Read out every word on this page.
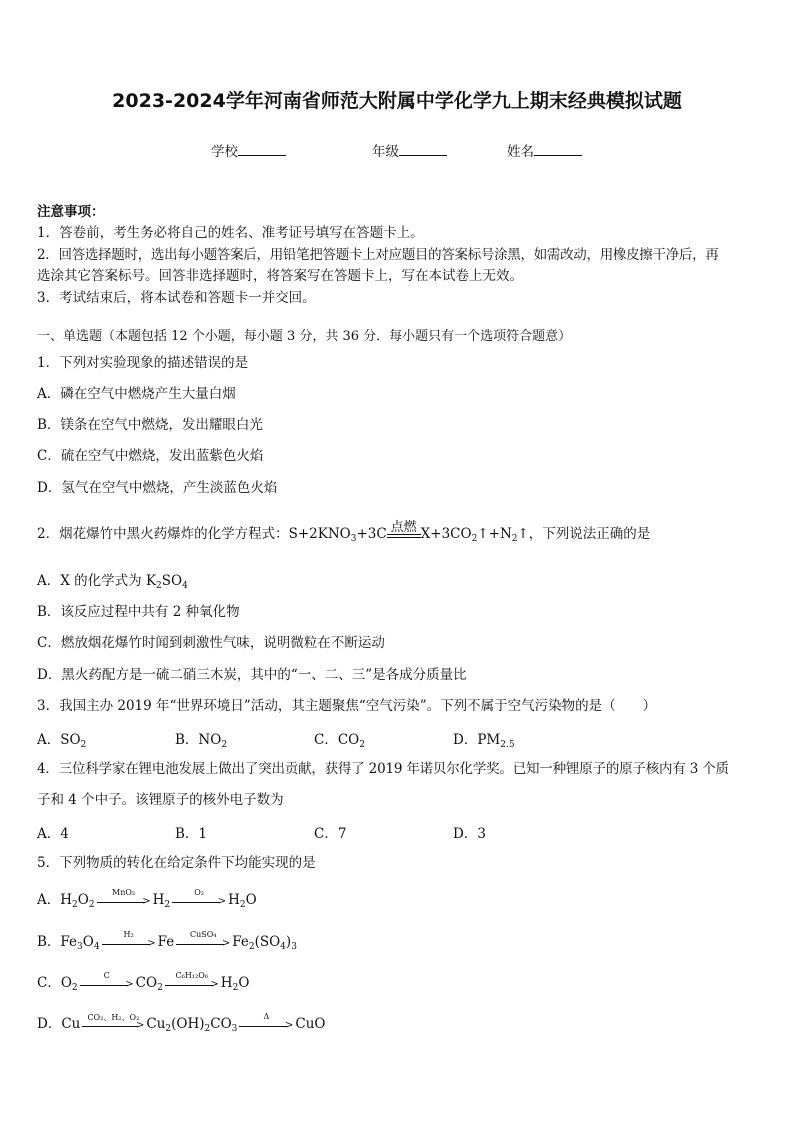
2023-2024学年河南省师范大附属中学化学九上期末经典模拟试题
学校	年级	姓名
注意事项：
1．答卷前，考生务必将自己的姓名、准考证号填写在答题卡上。
2．回答选择题时，选出每小题答案后，用铅笔把答题卡上对应题目的答案标号涂黑，如需改动，用橡皮擦干净后，再
选涂其它答案标号。回答非选择题时，将答案写在答题卡上，写在本试卷上无效。
3．考试结束后，将本试卷和答题卡一并交回。
一、单选题（本题包括 12 个小题，每小题 3 分，共 36 分．每小题只有一个选项符合题意）
1．下列对实验现象的描述错误的是
A．磷在空气中燃烧产生大量白烟
B．镁条在空气中燃烧，发出耀眼白光
C．硫在空气中燃烧，发出蓝紫色火焰
D．氢气在空气中燃烧，产生淡蓝色火焰
2．烟花爆竹中黑火药爆炸的化学方程式：$S+2KNO_3+3C$ 点燃 $X+3CO_2↑+N_2↑$，下列说法正确的是
A．X 的化学式为 $K_2SO_4$
B．该反应过程中共有 2 种氧化物
C．燃放烟花爆竹时闻到刺激性气味，说明微粒在不断运动
D．黑火药配方是一硫二硝三木炭，其中的“一、二、三”是各成分质量比
3．我国主办 2019 年“世界环境日”活动，其主题聚焦“空气污染”。下列不属于空气污染物的是（　　）
A．$SO_2$	B．$NO_2$	C．$CO_2$	D．$PM_{2.5}$
4．三位科学家在锂电池发展上做出了突出贡献，获得了 2019 年诺贝尔化学奖。已知一种锂原子的原子核内有 3 个质
子和 4 个中子。该锂原子的核外电子数为
A．4	B．1	C．7	D．3
5．下列物质的转化在给定条件下均能实现的是
A．$H_2O_2$
MnO₂
> $H_2$
O₂
> $H_2O$
B．$Fe_3O_4$
H₂
> Fe	CuSO₄
> $Fe_2(SO_4)_3$
C．$O_2$
C
> $CO_2$
C₆H₁₂O₆
> $H_2O$
D．Cu CO₂、H₂、O₂
> $Cu_2(OH)_2CO_3$
Δ
> CuO
